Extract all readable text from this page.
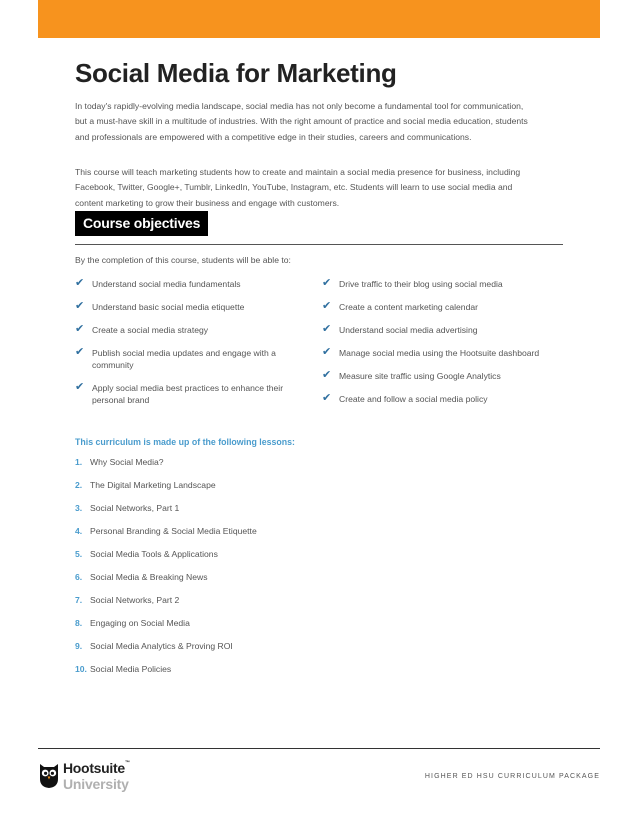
Social Media for Marketing

In today's rapidly-evolving media landscape, social media has not only become a fundamental tool for communication, but a must-have skill in a multitude of industries. With the right amount of practice and social media education, students and professionals are empowered with a competitive edge in their studies, careers and communications.

This course will teach marketing students how to create and maintain a social media presence for business, including Facebook, Twitter, Google+, Tumblr, LinkedIn, YouTube, Instagram, etc. Students will learn to use social media and content marketing to grow their business and engage with customers.

Course objectives

By the completion of this course, students will be able to:

✔ Understand social media fundamentals
✔ Understand basic social media etiquette
✔ Create a social media strategy
✔ Publish social media updates and engage with a community
✔ Apply social media best practices to enhance their personal brand
✔ Drive traffic to their blog using social media
✔ Create a content marketing calendar
✔ Understand social media advertising
✔ Manage social media using the Hootsuite dashboard
✔ Measure site traffic using Google Analytics
✔ Create and follow a social media policy

This curriculum is made up of the following lessons:

1. Why Social Media?
2. The Digital Marketing Landscape
3. Social Networks, Part 1
4. Personal Branding & Social Media Etiquette
5. Social Media Tools & Applications
6. Social Media & Breaking News
7. Social Networks, Part 2
8. Engaging on Social Media
9. Social Media Analytics & Proving ROI
10. Social Media Policies
Hootsuite™
University	HIGHER ED HSU CURRICULUM PACKAGE
